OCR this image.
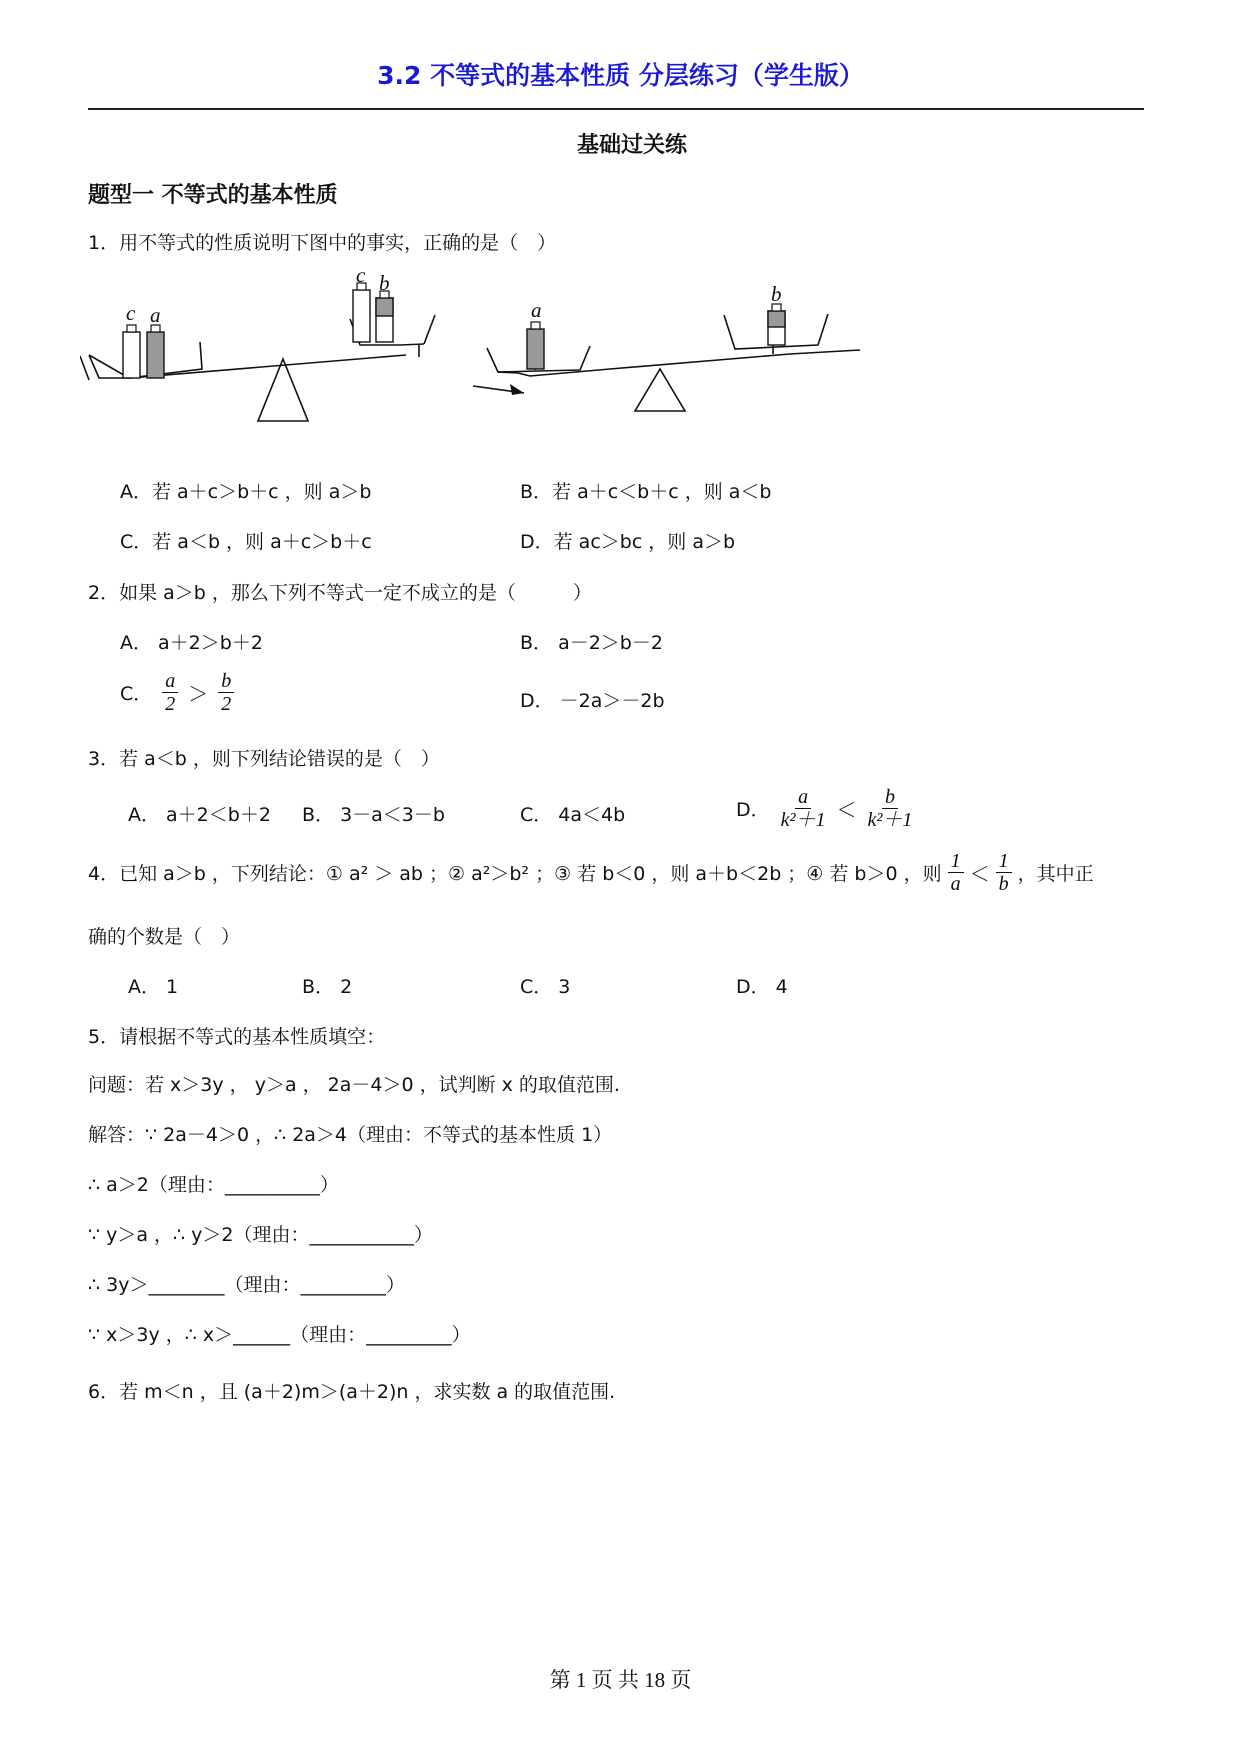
3.2 不等式的基本性质 分层练习（学生版）
基础过关练
题型一 不等式的基本性质
1．用不等式的性质说明下图中的事实，正确的是（　）
c a
c b
a
b
A．若 a＋c＞b＋c ，则 a＞b	B．若 a＋c＜b＋c ，则 a＜b
C．若 a＜b ，则 a＋c＞b＋c	D．若 ac＞bc ，则 a＞b
2．如果 a＞b ，那么下列不等式一定不成立的是（　　　）
A． a＋2＞b＋2	B． a－2＞b－2
C． $\frac{a}{2} > \frac{b}{2}$	D． －2a＞－2b
3．若 a＜b ，则下列结论错误的是（　）
A． a＋2＜b＋2 B． 3－a＜3－b	C． 4a＜4b	D． $\frac{a}{\text{k²＋1}} < \frac{b}{\text{k²＋1}}$
4．已知 a＞b ，下列结论：① a² ＞ ab ；② a²＞b² ；③ 若 b＜0 ，则 a＋b＜2b ；④ 若 b＞0 ，则 $\frac{1}{a} < \frac{1}{b}$ ，其中正
确的个数是（　）
A． 1	B． 2	C． 3	D． 4
5．请根据不等式的基本性质填空：
问题：若 x＞3y ， y＞a ， 2a－4＞0 ，试判断 x 的取值范围.
解答：∵ 2a－4＞0 ，∴ 2a＞4（理由：不等式的基本性质 1）
∴ a＞2（理由：__________）
∵ y＞a ，∴ y＞2（理由：___________）
∴ 3y＞________（理由：_________）
∵ x＞3y ，∴ x＞______（理由：_________）
6．若 m＜n ，且 (a＋2)m＞(a＋2)n ，求实数 a 的取值范围.
第 1 页 共 18 页
